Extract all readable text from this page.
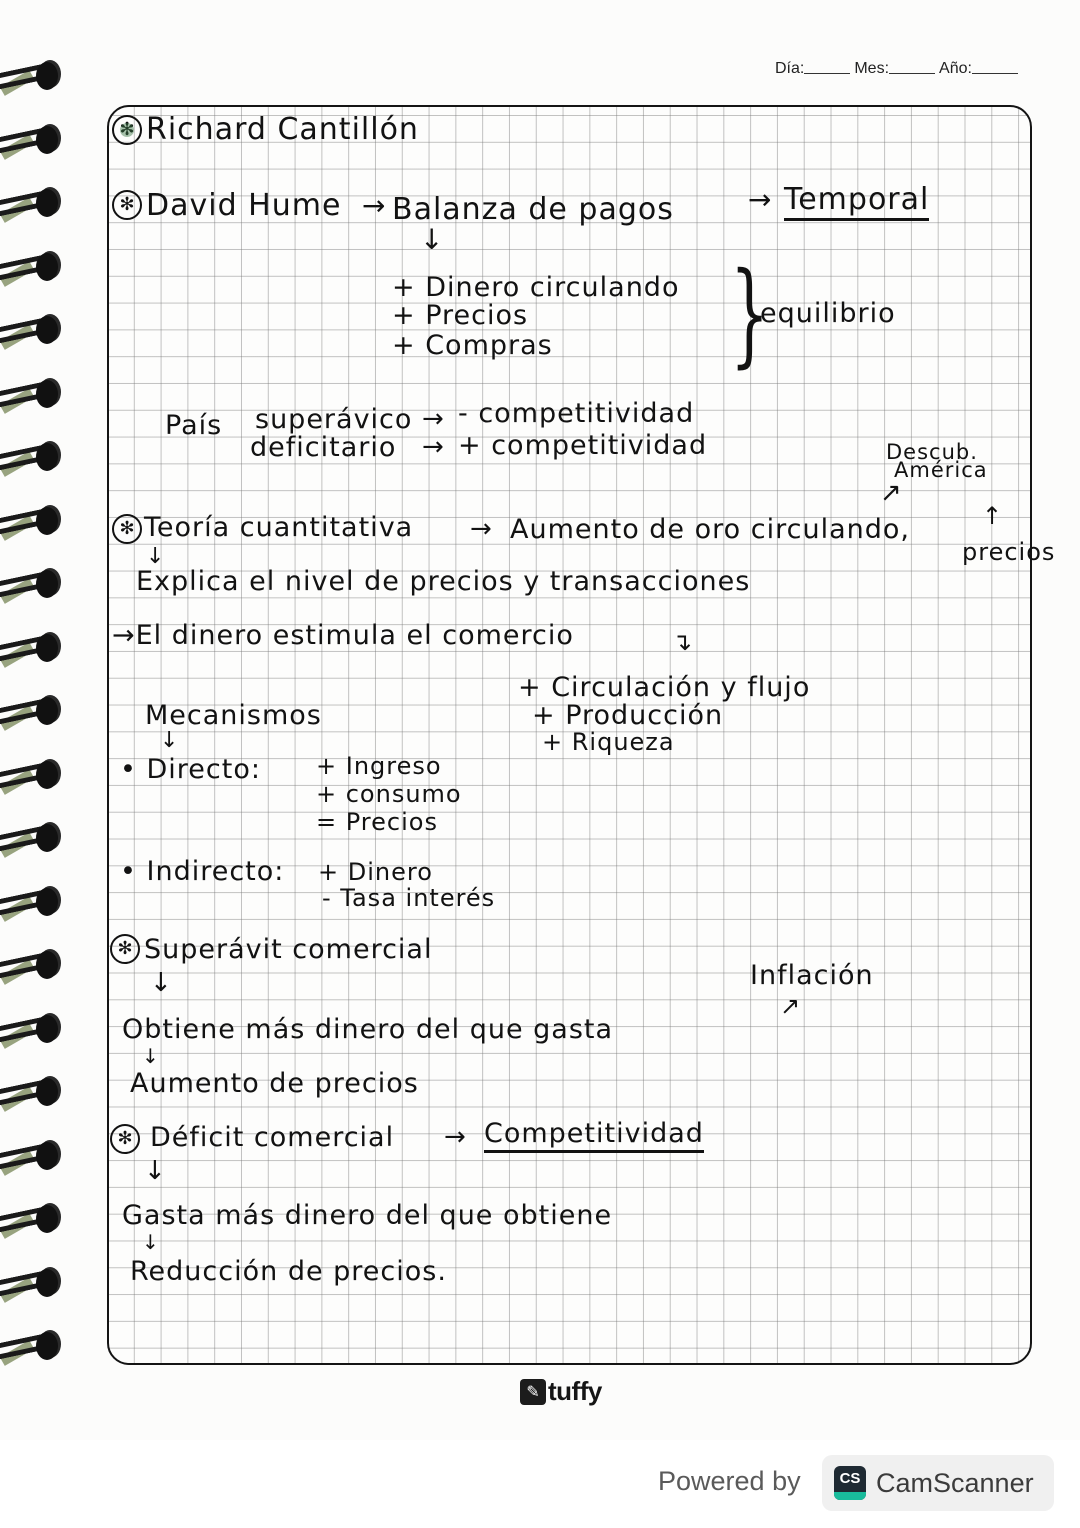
Día:	Mes:	Año:
✻ Richard Cantillón
✻ David Hume → Balanza de pagos	→ Temporal
↓
+ Dinero circulando
+ Precios
+ Compras }
equilibrio
País superávico → - competitividad
deficitario → + competitividad	Descub.
América
↗
✻ Teoría cuantitativa → Aumento de oro circulando,	↑
precios
↓
Explica el nivel de precios y transacciones
→El dinero estimula el comercio	↴
+ Circulación y flujo
+ Producción
+ Riqueza
Mecanismos
↓
• Directo: + Ingreso
+ consumo
= Precios
• Indirecto: + Dinero
- Tasa interés
✻ Superávit comercial
↓	Inflación
↗
Obtiene más dinero del que gasta
↓
Aumento de precios
✻ Déficit comercial → Competitividad
↓
Gasta más dinero del que obtiene
↓
Reducción de precios.
✎ tuffy
Powered by	CS CamScanner
